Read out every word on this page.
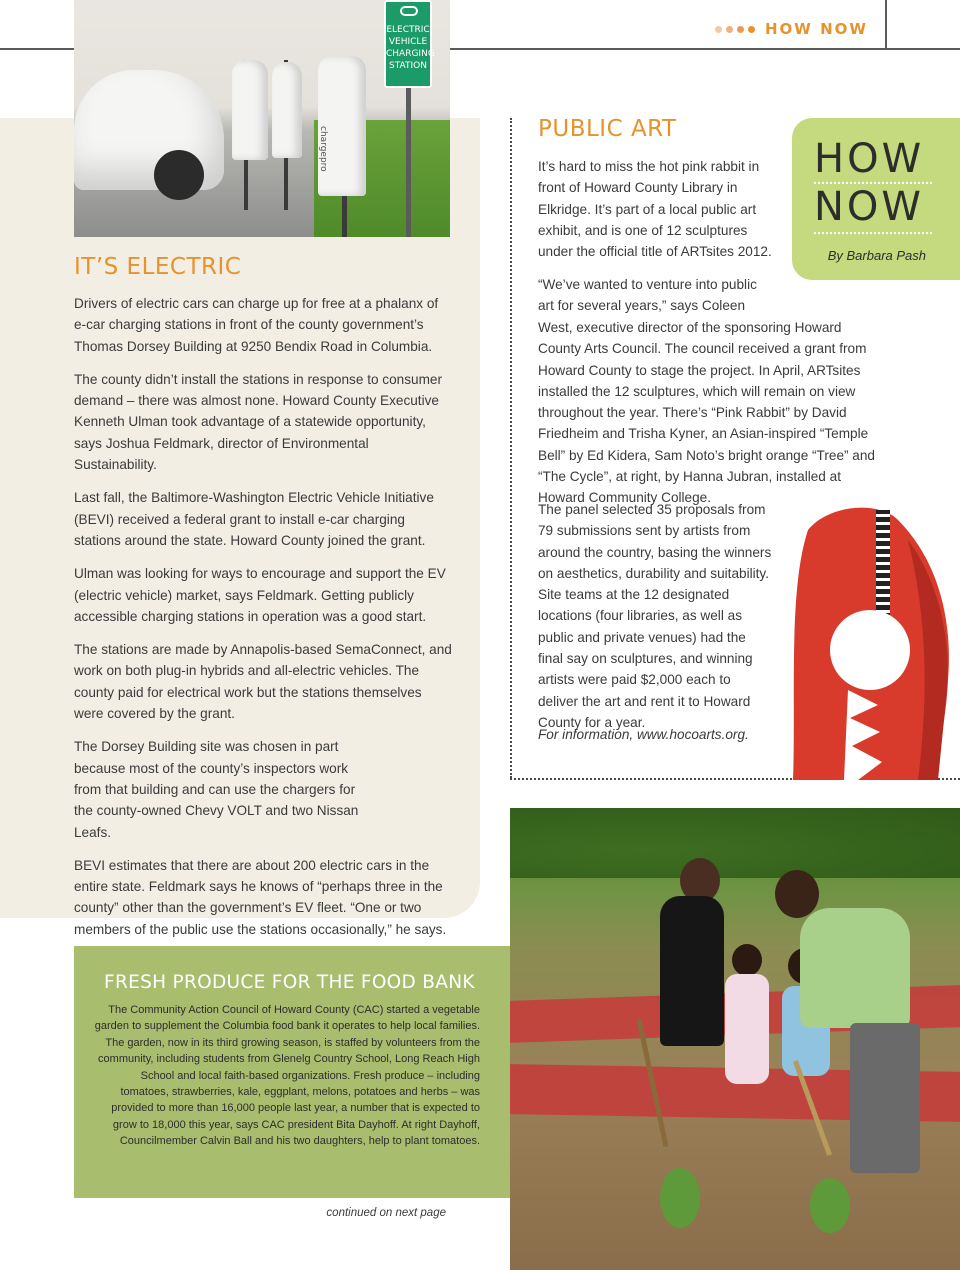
HOW NOW
chargepro
ELECTRIC
VEHICLE
CHARGING
STATION
IT’S ELECTRIC

Drivers of electric cars can charge up for free at a phalanx of e-car charging stations in front of the county government’s Thomas Dorsey Building at 9250 Bendix Road in Columbia.

The county didn’t install the stations in response to consumer demand – there was almost none. Howard County Executive Kenneth Ulman took advantage of a statewide opportunity, says Joshua Feldmark, director of Environmental Sustainability.

Last fall, the Baltimore-Washington Electric Vehicle Initiative (BEVI) received a federal grant to install e-car charging stations around the state. Howard County joined the grant.

Ulman was looking for ways to encourage and support the EV (electric vehicle) market, says Feldmark. Getting publicly accessible charging stations in operation was a good start.

The stations are made by Annapolis-based SemaConnect, and work on both plug-in hybrids and all-electric vehicles. The county paid for electrical work but the stations themselves were covered by the grant.

The Dorsey Building site was chosen in part because most of the county’s inspectors work from that building and can use the chargers for the county-owned Chevy VOLT and two Nissan Leafs.

BEVI estimates that there are about 200 electric cars in the entire state. Feldmark says he knows of “perhaps three in the county” other than the government’s EV fleet. “One or two members of the public use the stations occasionally,” he says.

PUBLIC ART
It’s hard to miss the hot pink rabbit in front of Howard County Library in Elkridge. It’s part of a local public art exhibit, and is one of 12 sculptures under the official title of ARTsites 2012.
“We’ve wanted to venture into public art for several years,” says Coleen
West, executive director of the sponsoring Howard County Arts Council. The council received a grant from Howard County to stage the project. In April, ARTsites installed the 12 sculptures, which will remain on view throughout the year. There’s “Pink Rabbit” by David Friedheim and Trisha Kyner, an Asian-inspired “Temple Bell” by Ed Kidera, Sam Noto’s bright orange “Tree” and “The Cycle”, at right, by Hanna Jubran, installed at Howard Community College.
The panel selected 35 proposals from 79 submissions sent by artists from around the country, basing the winners on aesthetics, durability and suitability. Site teams at the 12 designated locations (four libraries, as well as public and private venues) had the final say on sculptures, and winning artists were paid $2,000 each to deliver the art and rent it to Howard County for a year.
For information, www.hocoarts.org.
HOW
NOW
By Barbara Pash
FRESH PRODUCE FOR THE FOOD BANK
The Community Action Council of Howard County (CAC) started a vegetable garden to supplement the Columbia food bank it operates to help local families. The garden, now in its third growing season, is staffed by volunteers from the community, including students from Glenelg Country School, Long Reach High School and local faith-based organizations. Fresh produce – including tomatoes, strawberries, kale, eggplant, melons, potatoes and herbs – was provided to more than 16,000 people last year, a number that is expected to grow to 18,000 this year, says CAC president Bita Dayhoff. At right Dayhoff, Councilmember Calvin Ball and his two daughters, help to plant tomatoes.
continued on next page
